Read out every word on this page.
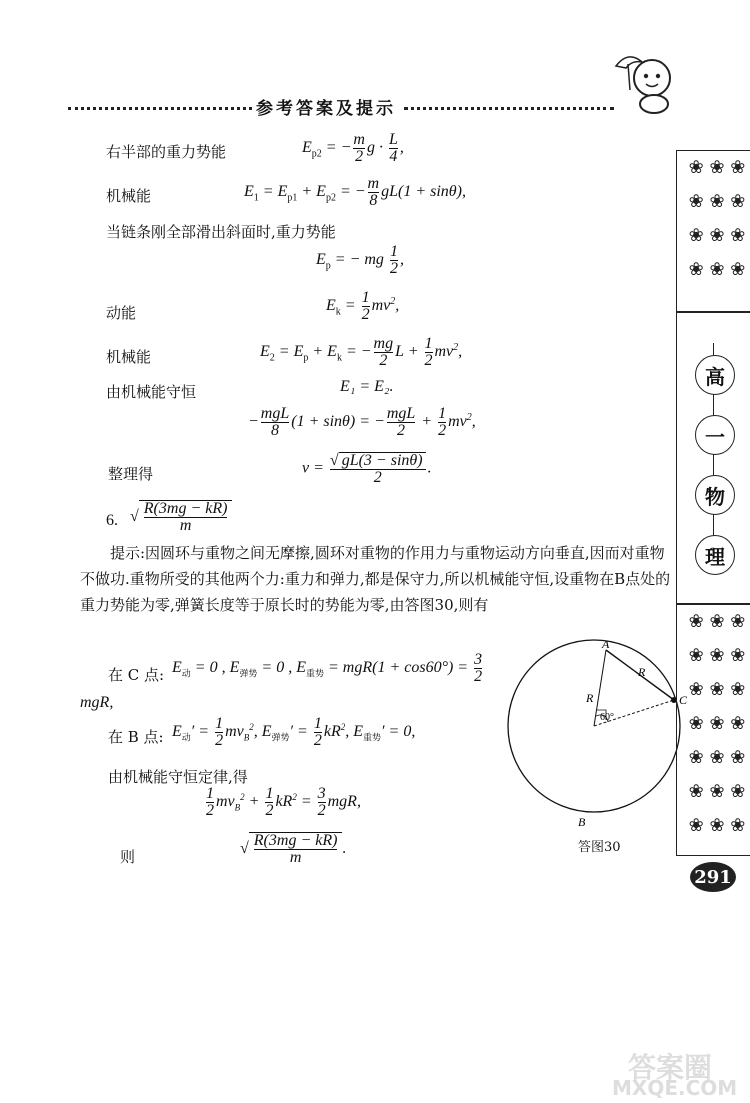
参考答案及提示
右半部的重力势能	$E_{p2}$ = − $\frac{m}{2}$ $g \cdot \frac{L}{4}$ ,
机械能	$E_1 = E_{p1} + E_{p2}$ = − $\frac{m}{8} gL(1 + \sin\theta)$,
当链条刚全部滑出斜面时,重力势能
$E_p$ = − mg $\frac{1}{2}$ ,
动能	$E_k = \frac{1}{2} mv^2$,
机械能	$E_2 = E_p + E_k$ = − $\frac{mg}{2}$ $L + \frac{1}{2} mv^2$,
由机械能守恒	E₁ = E₂.
− $\frac{\text{mgL}}{8} (1 + \sin\theta)$ = − $\frac{\text{mgL}}{2} + \frac{1}{2} mv^2$,
整理得	$v = \frac{√ gL(3 - \sin\theta)}{2}$ .
6. √ $\frac{R(3mg - kR)}{m}$
提示:因圆环与重物之间无摩擦,圆环对重物的作用力与重物运动方向垂直,因而对重物不做功.重物所受的其他两个力:重力和弹力,都是保守力,所以机械能守恒,设重物在B点处的重力势能为零,弹簧长度等于原长时的势能为零,由答图30,则有
在 C 点: $E_动 = 0$ , $E_{弹势} = 0$ , $E_{重势} = mgR(1 + \cos 60^\circ) = \frac{3}{2}$
mgR,
在 B 点: $E_动' = \frac{1}{2} mv_B^2$, $E_{弹势}' = \frac{1}{2} kR^2$, $E_{重势}' = 0$,
由机械能守恒定律,得
$\frac{1}{2} mv_B^2 + \frac{1}{2} kR^2 = \frac{3}{2}$ mgR,
则	√ $\frac{R(3mg - kR)}{m}$ .
A
R
R
60°
C
B
答图30
❀ ❀ ❀
❀ ❀ ❀
❀ ❀ ❀
❀ ❀ ❀
高
一
物
理
❀ ❀ ❀
❀ ❀ ❀
❀ ❀ ❀
❀ ❀ ❀
❀ ❀ ❀
❀ ❀ ❀
❀ ❀ ❀
291
答案圈
MXQE.COM
